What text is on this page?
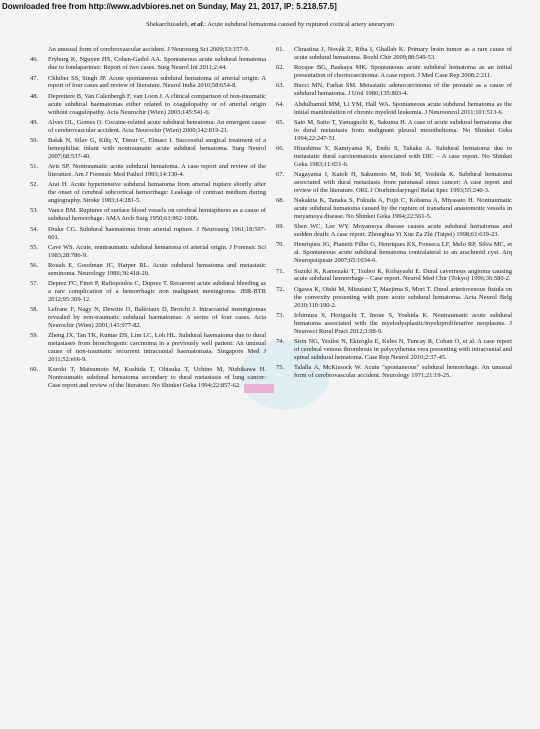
Downloaded free from http://www.advbiores.net on Sunday, May 21, 2017, IP: 5.218.57.5]
Shekarchizadeh, et al.: Acute subdural hematoma caused by ruptured cortical artery aneurysm
An unusual form of cerebrovascular accident. J Neurosurg Sci 2009;53:157-9.
46. Fryburg K, Nguyen HS, Cohen-Gadol AA. Spontaneous acute subdural hematoma due to fondaparinux: Report of two cases. Surg Neurol Int 2011;2:44.
47. Chhiber SS, Singh JP. Acute spontaneous subdural hematoma of arterial origin: A report of four cases and review of literature. Neurol India 2010;58:654-8.
48. Depreitere B, Van Calenbergh F, van Loon J. A clinical comparison of non-traumatic acute subdural haematomas either related to coagulopathy or of arterial origin without coagulopathy. Acta Neurochir (Wien) 2003;145:541-6.
49. Alves OL, Gomes O. Cocaine-related acute subdural hematoma: An emergent cause of cerebrovascular accident. Acta Neurochir (Wien) 2000;142:819-21.
50. Balak N, Silav G, Kiliç Y, Timur C, Elmaci I. Successful surgical treatment of a hemophiliac infant with nontraumatic acute subdural hematoma. Surg Neurol 2007;68:537-40.
51. Avis SP. Nontraumatic acute subdural hematoma. A case report and review of the literature. Am J Forensic Med Pathol 1993;14:130-4.
52. Arai H. Acute hypertensive subdural hematoma from arterial rupture shortly after the onset of cerebral subcortical hemorrhage: Leakage of contrast medium during angiography. Stroke 1983;14:281-5.
53. Vance BM. Ruptures of surface blood vessels on cerebral hemispheres as a cause of subdural hemorrhage. AMA Arch Surg 1950;61:992-1006.
54. Drake CG. Subdural haematoma from arterial rupture. J Neurosurg 1961;18:597-601.
55. Cave WS. Acute, nontraumatic subdural hematoma of arterial origin. J Forensic Sci 1983;28:786-9.
56. Rouah E, Goodman JC, Harper RL. Acute subdural hematoma and metastatic seminoma. Neurology 1986;36:418-20.
57. Deprez FC, Finet P, Raftopoulos C, Duprez T. Recurrent acute subdural bleeding as a rare complication of a hemorrhagic non malignant meningioma. JBR-BTR 2012;95:309-12.
58. Lefranc F, Nagy N, Dewitte O, Balériaux D, Brotchi J. Intracranial meningiomas revealed by non-traumatic subdural haematomas: A series of four cases. Acta Neurochir (Wien) 2001;143:977-82.
59. Zheng JX, Tan TK, Kumar DS, Lim LC, Loh HL. Subdural haematoma due to dural metastases from bronchogenic carcinoma in a previously well patient: An unusual cause of non-traumatic recurrent intracranial haematomata. Singapore Med J 2011;52:e66-9.
60. Kuroki T, Matsumoto M, Kushida T, Ohtsuka T, Uchino M, Nishikawa H. Nontraumatic subdural hematoma secondary to dural metastasis of lung cancer: Case report and review of the literature. No Shinkei Geka 1994;22:857-62.
61. Chrastina J, Novák Z, Riha I, Ghallab K. Primary brain tumor as a rare cause of acute subdural hematoma. Rozhl Chir 2009;88:549-53.
62. Rocque BG, Baskaya MK. Spontaneous acute subdural hematoma as an initial presentation of choriocarcinoma: A case report. J Med Case Rep 2008;2:211.
63. Bucci MN, Farhat SM. Metastatic adenocarcinoma of the prostate as a cause of subdural hematoma. J Urol 1986;135:803-4.
64. Abdulhamid MM, Li YM, Hall WA. Spontaneous acute subdural hematoma as the initial manifestation of chronic myeloid leukemia. J Neurooncol 2011;101:513-6.
65. Sato M, Saito T, Yamaguchi K, Sakuma H. A case of acute subdural hematoma due to dural metastasis from malignant pleural mesothelioma. No Shinkei Geka 1994;22:247-51.
66. Hirashima Y, Kamiyama K, Endo S, Takaku A. Subdural hematoma due to metastatic dural carcinomatosis associated with DIC – A case report. No Shinkei Geka 1983;11:651-6.
67. Nagayama I, Katoh H, Sakumoto M, Itoh M, Yoshida K. Subdural hematoma associated with dural metastasis from paranasal sinus cancer: A case report and review of the literature. ORL J Otorhinolaryngol Relat Spec 1993;55:240-3.
68. Nakakita K, Tanaka S, Fukuda A, Fujii C, Kohama A, Miyasato H. Nontraumatic acute subdural hematoma caused by the rupture of transdural anastomotic vessels in moyamoya disease. No Shinkei Geka 1994;22:561-5.
69. Shen WC, Lee WY. Moyamoya disease causes acute subdural hematomas and sudden death: A case report. Zhonghua Yi Xue Za Zhi (Taipei) 1998;61:619-23.
70. Henriques JG, Pianetti Filho G, Henriques KS, Fonseca LF, Melo RP, Silva MC, et al. Spontaneous acute subdural hematoma contralateral to an arachnoid cyst. Arq Neuropsiquiatr 2007;65:1034-6.
71. Suzuki K, Kamezaki T, Tsuboi K, Kobayashi E. Dural cavernous angioma causing acute subdural hemorrhage – Case report. Neurol Med Chir (Tokyo) 1996;36:580-2.
72. Ogawa K, Oishi M, Mizutani T, Maejima S, Mori T. Dural arteriovenous fistula on the convexity presenting with pure acute subdural hematoma. Acta Neurol Belg 2010;110:190-2.
73. Ichimura S, Horiguchi T, Inoue S, Yoshida K. Nontraumatic acute subdural hematoma associated with the myelodysplastic/myeloproliferative neoplasms. J Neurosci Rural Pract 2012;3:98-9.
74. Sirin NG, Yesilot N, Ekizoglu E, Keles N, Tuncay R, Coban O, et al. A case report of cerebral venous thrombosis in polycythemia vera presenting with intracranial and spinal subdural hematoma. Case Rep Neurol 2010;2:37-45.
75. Talalla A, McKissock W. Acute "spontaneous" subdural hemorrhage. An unusual form of cerebrovascular accident. Neurology 1971;21:19-25.
